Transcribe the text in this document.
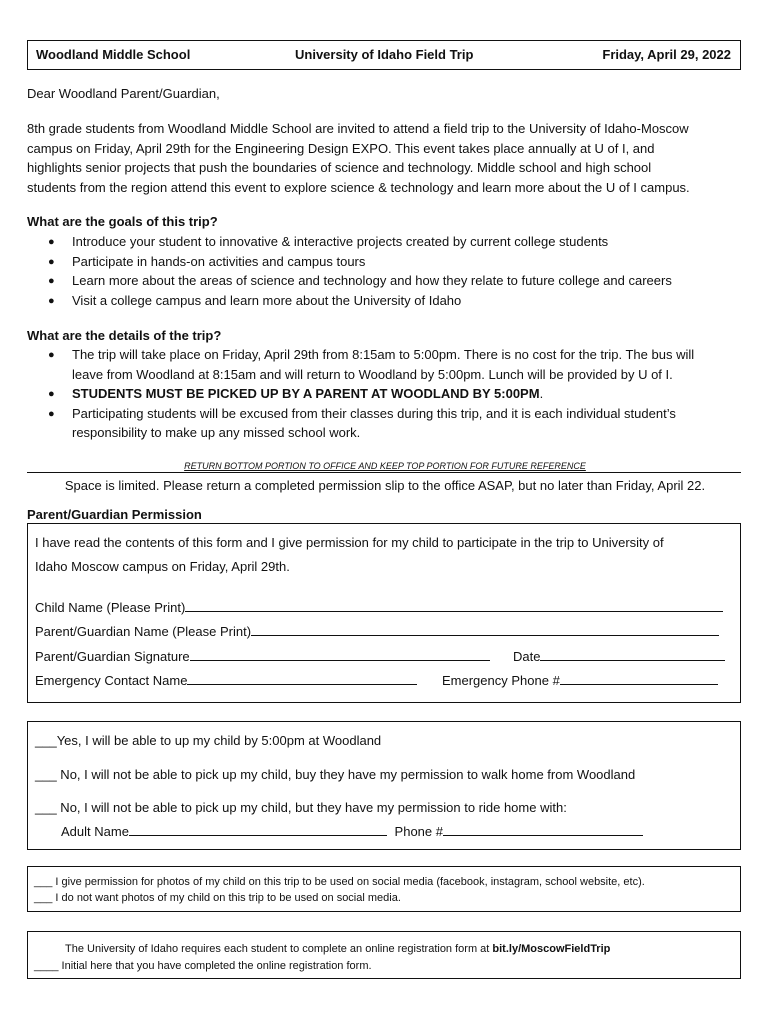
Woodland Middle School	University of Idaho Field Trip	Friday, April 29, 2022
Dear Woodland Parent/Guardian,
8th grade students from Woodland Middle School are invited to attend a field trip to the University of Idaho-Moscow
campus on Friday, April 29th for the Engineering Design EXPO. This event takes place annually at U of I, and
highlights senior projects that push the boundaries of science and technology. Middle school and high school
students from the region attend this event to explore science & technology and learn more about the U of I campus.
What are the goals of this trip?
● Introduce your student to innovative & interactive projects created by current college students
● Participate in hands-on activities and campus tours
● Learn more about the areas of science and technology and how they relate to future college and careers
● Visit a college campus and learn more about the University of Idaho
What are the details of the trip?
● The trip will take place on Friday, April 29th from 8:15am to 5:00pm. There is no cost for the trip. The bus will
leave from Woodland at 8:15am and will return to Woodland by 5:00pm. Lunch will be provided by U of I.
● STUDENTS MUST BE PICKED UP BY A PARENT AT WOODLAND BY 5:00PM.
● Participating students will be excused from their classes during this trip, and it is each individual student’s
responsibility to make up any missed school work.
RETURN BOTTOM PORTION TO OFFICE AND KEEP TOP PORTION FOR FUTURE REFERENCE
Space is limited. Please return a completed permission slip to the office ASAP, but no later than Friday, April 22.
Parent/Guardian Permission
I have read the contents of this form and I give permission for my child to participate in the trip to University of
Idaho Moscow campus on Friday, April 29th.
Child Name (Please Print)
Parent/Guardian Name (Please Print)
Parent/Guardian Signature	Date
Emergency Contact Name	Emergency Phone #
___Yes, I will be able to up my child by 5:00pm at Woodland
___ No, I will not be able to pick up my child, buy they have my permission to walk home from Woodland
___ No, I will not be able to pick up my child, but they have my permission to ride home with:
Adult Name	Phone #
___ I give permission for photos of my child on this trip to be used on social media (facebook, instagram, school website, etc).
___ I do not want photos of my child on this trip to be used on social media.
The University of Idaho requires each student to complete an online registration form at bit.ly/MoscowFieldTrip
____ Initial here that you have completed the online registration form.
